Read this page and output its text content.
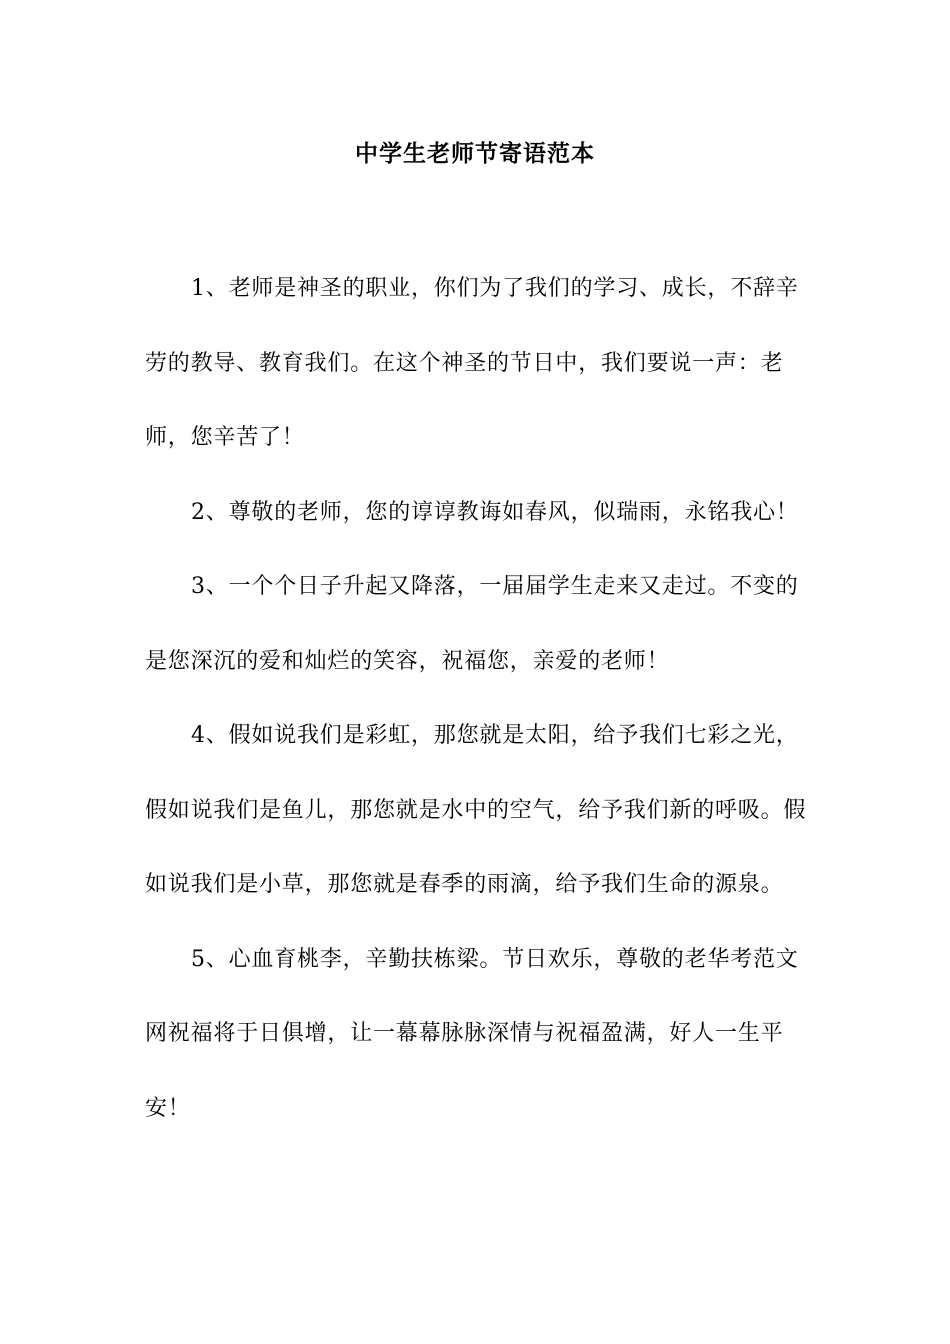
中学生老师节寄语范本

1、老师是神圣的职业，你们为了我们的学习、成长，不辞辛劳的教导、教育我们。在这个神圣的节日中，我们要说一声：老师，您辛苦了！

2、尊敬的老师，您的谆谆教诲如春风，似瑞雨，永铭我心！

3、一个个日子升起又降落，一届届学生走来又走过。不变的是您深沉的爱和灿烂的笑容，祝福您，亲爱的老师！

4、假如说我们是彩虹，那您就是太阳，给予我们七彩之光，假如说我们是鱼儿，那您就是水中的空气，给予我们新的呼吸。假如说我们是小草，那您就是春季的雨滴，给予我们生命的源泉。

5、心血育桃李，辛勤扶栋梁。节日欢乐，尊敬的老华考范文网祝福将于日俱增，让一幕幕脉脉深情与祝福盈满，好人一生平安！
